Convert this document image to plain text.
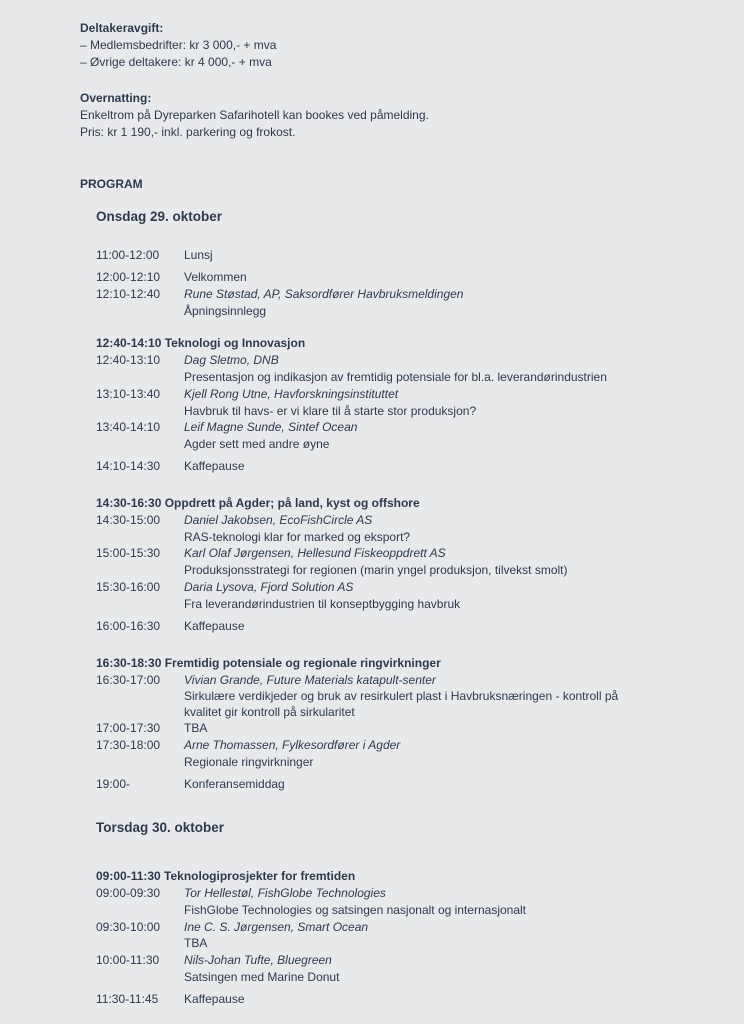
Deltakeravgift:
– Medlemsbedrifter: kr 3 000,- + mva
– Øvrige deltakere: kr 4 000,- + mva
Overnatting:
Enkeltrom på Dyreparken Safarihotell kan bookes ved påmelding.
Pris: kr 1 190,- inkl. parkering og frokost.
PROGRAM
Onsdag 29. oktober
11:00-12:00 Lunsj
12:00-12:10 Velkommen
12:10-12:40 Rune Støstad, AP, Saksordfører Havbruksmeldingen
Åpningsinnlegg
12:40-14:10 Teknologi og Innovasjon
12:40-13:10 Dag Sletmo, DNB
Presentasjon og indikasjon av fremtidig potensiale for bl.a. leverandørindustrien
13:10-13:40 Kjell Rong Utne, Havforskningsinstituttet
Havbruk til havs- er vi klare til å starte stor produksjon?
13:40-14:10 Leif Magne Sunde, Sintef Ocean
Agder sett med andre øyne
14:10-14:30 Kaffepause
14:30-16:30 Oppdrett på Agder; på land, kyst og offshore
14:30-15:00 Daniel Jakobsen, EcoFishCircle AS
RAS-teknologi klar for marked og eksport?
15:00-15:30 Karl Olaf Jørgensen, Hellesund Fiskeoppdrett AS
Produksjonsstrategi for regionen (marin yngel produksjon, tilvekst smolt)
15:30-16:00 Daria Lysova, Fjord Solution AS
Fra leverandørindustrien til konseptbygging havbruk
16:00-16:30 Kaffepause
16:30-18:30 Fremtidig potensiale og regionale ringvirkninger
16:30-17:00 Vivian Grande, Future Materials katapult-senter
Sirkulære verdikjeder og bruk av resirkulert plast i Havbruksnæringen - kontroll på
kvalitet gir kontroll på sirkularitet
17:00-17:30 TBA
17:30-18:00 Arne Thomassen, Fylkesordfører i Agder
Regionale ringvirkninger
19:00-	Konferansemiddag
Torsdag 30. oktober
09:00-11:30 Teknologiprosjekter for fremtiden
09:00-09:30 Tor Hellestøl, FishGlobe Technologies
FishGlobe Technologies og satsingen nasjonalt og internasjonalt
09:30-10:00 Ine C. S. Jørgensen, Smart Ocean
TBA
10:00-11:30 Nils-Johan Tufte, Bluegreen
Satsingen med Marine Donut
11:30-11:45 Kaffepause
